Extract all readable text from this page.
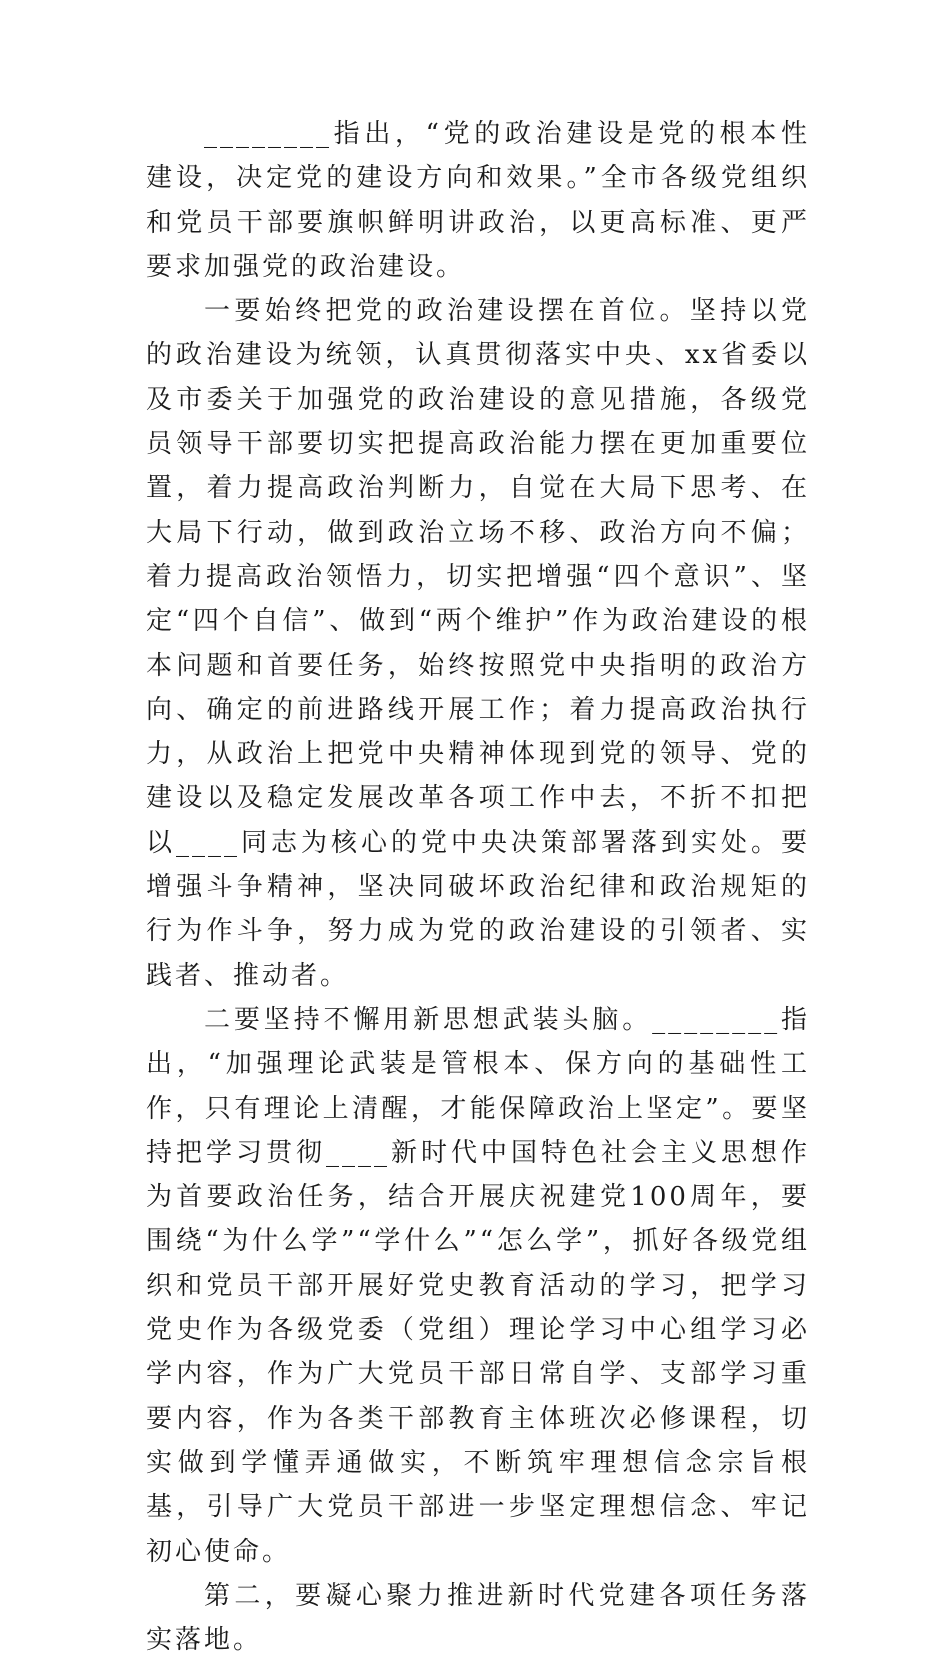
________指出，“党的政治建设是党的根本性建设，决定党的建设方向和效果。”全市各级党组织和党员干部要旗帜鲜明讲政治，以更高标准、更严要求加强党的政治建设。

一要始终把党的政治建设摆在首位。坚持以党的政治建设为统领，认真贯彻落实中央、xx省委以及市委关于加强党的政治建设的意见措施，各级党员领导干部要切实把提高政治能力摆在更加重要位置，着力提高政治判断力，自觉在大局下思考、在大局下行动，做到政治立场不移、政治方向不偏；着力提高政治领悟力，切实把增强“四个意识”、坚定“四个自信”、做到“两个维护”作为政治建设的根本问题和首要任务，始终按照党中央指明的政治方向、确定的前进路线开展工作；着力提高政治执行力，从政治上把党中央精神体现到党的领导、党的建设以及稳定发展改革各项工作中去，不折不扣把以____同志为核心的党中央决策部署落到实处。要增强斗争精神，坚决同破坏政治纪律和政治规矩的行为作斗争，努力成为党的政治建设的引领者、实践者、推动者。

二要坚持不懈用新思想武装头脑。________指出，“加强理论武装是管根本、保方向的基础性工作，只有理论上清醒，才能保障政治上坚定”。要坚持把学习贯彻____新时代中国特色社会主义思想作为首要政治任务，结合开展庆祝建党100周年，要围绕“为什么学”“学什么”“怎么学”，抓好各级党组织和党员干部开展好党史教育活动的学习，把学习党史作为各级党委（党组）理论学习中心组学习必学内容，作为广大党员干部日常自学、支部学习重要内容，作为各类干部教育主体班次必修课程，切实做到学懂弄通做实，不断筑牢理想信念宗旨根基，引导广大党员干部进一步坚定理想信念、牢记初心使命。

第二，要凝心聚力推进新时代党建各项任务落实落地。
